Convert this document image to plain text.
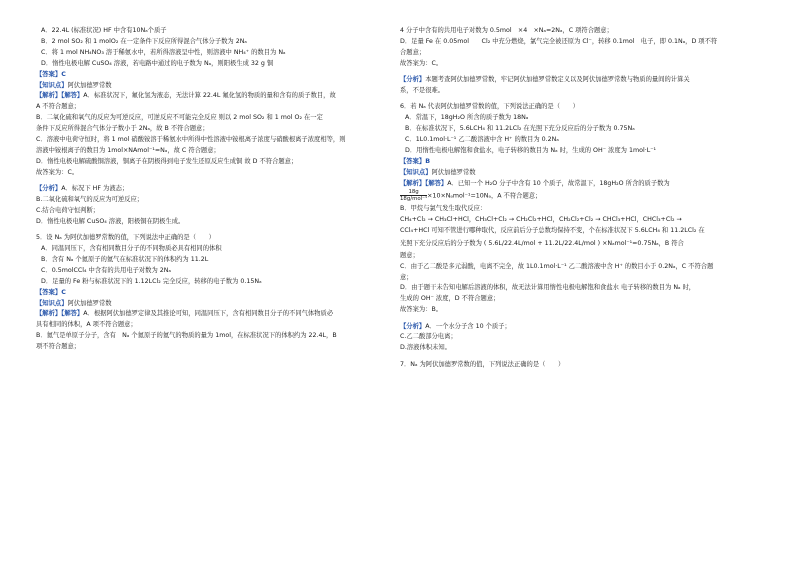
A．22.4L (标准状况) HF 中含有10Nₐ个质子
B．2 mol SO₂ 和 1 molO₂ 在一定条件下反应所得混合气体分子数为 2Nₐ
C．将 1 mol NH₄NO₃ 溶于稀氨水中，若所得溶液呈中性，则溶液中 NH₄⁺ 的数目为 Nₐ
D．惰性电极电解 CuSO₄ 溶液，若电路中通过的电子数为 Nₐ，则阳极生成 32 g 铜
【答案】C
【知识点】阿伏加德罗常数
【解析】【解答】A．标准状况下，氟化氢为液态，无法计算 22.4L 氟化氢的物质的量和含有的质子数目，故
A 不符合题意；
B．二氧化硫和氧气的反应为可逆反应，可逆反应不可能完全反应 则以 2 mol SO₂ 和 1 mol O₂ 在一定
条件下反应所得混合气体分子数小于 2Nₐ，故 B 不符合题意；
C．溶液中电荷守恒时，将 1 mol 硝酸铵溶于稀氨水中所得中性溶液中铵根离子浓度与硝酸根离子浓度相等，则
溶液中铵根离子的数目为 1mol×NAmol⁻¹=Nₐ，故 C 符合题意；
D．惰性电极电解硫酸铜溶液，铜离子在阴极得到电子发生还原反应生成铜 故 D 不符合题意；
故答案为：C。
【分析】A．标况下 HF 为液态；
B.二氧化硫和氧气的反应为可逆反应；
C.结合电荷守恒判断；
D．惰性电极电解 CuSO₄ 溶液，阳极铜在阴极生成。
5．设 Nₐ 为阿伏加德罗常数的值，下列说法中正确的是（　　）
A．同温同压下，含有相同数目分子的不同物质必具有相同的体积
B．含有 Nₐ 个氦原子的氦气在标准状况下的体积约为 11.2L
C．0.5molCCl₄ 中含有的共用电子对数为 2Nₐ
D．足量的 Fe 粉与标准状况下的 1.12LCl₂ 完全反应，转移的电子数为 0.15Nₐ
【答案】C
【知识点】阿伏加德罗常数
【解析】【解答】A．根据阿伏加德罗定律及其推论可知，同温同压下，含有相同数目分子的不同气体物质必
具有相同的体积，A 项不符合题意；
B．氦气是单原子分子，含有　Nₐ 个氦原子的氦气的物质的量为 1mol，在标准状况下的体积约为 22.4L，B
项不符合题意；
4 分子中含有的共用电子对数为 0.5mol　×4　×Nₐ=2Nₐ，C 项符合题意；
D．足量 Fe 在 0.05mol　　Cl₂ 中充分燃烧，氯气完全被还原为 Cl⁻，转移 0.1mol　电子，即 0.1Nₐ，D 项不符
合题意；
故答案为：C。
【分析】本题考查阿伏加德罗常数，牢记阿伏加德罗常数定义以及阿伏加德罗常数与物质的量间的计算关
系，不是很难。
6．若 Nₐ 代表阿伏加德罗常数的值，下列说法正确的是（　　）
A．常温下，18gH₂O 所含的质子数为 18Nₐ
B．在标准状况下，5.6LCH₄ 和 11.2LCl₂ 在光照下充分反应后的分子数为 0.75Nₐ
C．1L0.1mol·L⁻¹ 乙二酸溶液中含 H⁺ 的数目为 0.2Nₐ
D．用惰性电极电解饱和食盐水，电子转移的数目为 Nₐ 时，生成的 OH⁻ 浓度为 1mol·L⁻¹
【答案】B
【知识点】阿伏加德罗常数
【解析】【解答】A．已知一个 H₂O 分子中含有 10 个质子，故常温下，18gH₂O 所含的质子数为
$\frac{18g}{\text{18g/mol⁻¹}} \times 10\times N_amol^{-1}=10N_a$，A 不符合题意；
B．甲烷与氯气发生取代反应：
CH₄+Cl₂ → CH₃Cl+HCl，CH₃Cl+Cl₂ → CH₂Cl₂+HCl，CH₂Cl₂+Cl₂ → CHCl₃+HCl，CHCl₃+Cl₂ →
CCl₄+HCl 可知不管进行哪种取代，反应前后分子总数均保持不变，个在标准状况下 5.6LCH₄ 和 11.2LCl₂ 在
光照下充分反应后的分子数为 ( 5.6L/22.4L/mol + 11.2L/22.4L/mol ) ×Nₐmol⁻¹=0.75Nₐ，B 符合
题意；
C．由于乙二酸是多元弱酸，电离不完全，故 1L0.1mol·L⁻¹ 乙二酸溶液中含 H⁺ 的数目小于 0.2Nₐ，C 不符合题
意；
D．由于题干未告知电解后溶液的体积，故无法计算用惰性电极电解饱和食盐水 电子转移的数目为 Nₐ 时，
生成的 OH⁻ 浓度，D 不符合题意；
故答案为：B。
【分析】A．一个水分子含 10 个质子；
C.乙二酸部分电离；
D.溶液体积未知。
7．Nₐ 为阿伏加德罗常数的值，下列说法正确的是（　　）
